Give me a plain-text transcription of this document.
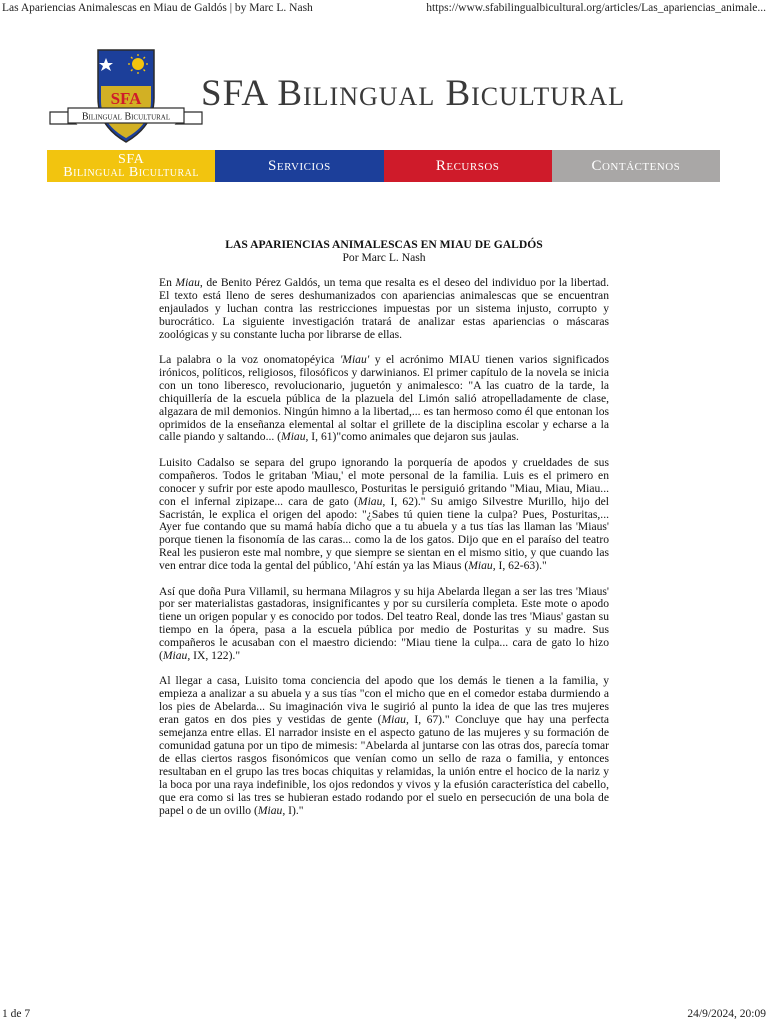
Las Apariencias Animalescas en Miau de Galdós | by Marc L. Nash	https://www.sfabilingualbicultural.org/articles/Las_apariencias_animale...
SFA
Bilingual Bicultural
SFA Bilingual Bicultural
SFA
Bilingual Bicultural	Servicios	Recursos	Contáctenos
LAS APARIENCIAS ANIMALESCAS EN MIAU DE GALDÓS
Por Marc L. Nash

En Miau, de Benito Pérez Galdós, un tema que resalta es el deseo del individuo por la libertad. El texto está lleno de seres deshumanizados con apariencias animalescas que se encuentran enjaulados y luchan contra las restricciones impuestas por un sistema injusto, corrupto y burocrático. La siguiente investigación tratará de analizar estas apariencias o máscaras zoológicas y su constante lucha por librarse de ellas.

La palabra o la voz onomatopéyica 'Miau' y el acrónimo MIAU tienen varios significados irónicos, políticos, religiosos, filosóficos y darwinianos. El primer capítulo de la novela se inicia con un tono liberesco, revolucionario, juguetón y animalesco: "A las cuatro de la tarde, la chiquillería de la escuela pública de la plazuela del Limón salió atropelladamente de clase, algazara de mil demonios. Ningún himno a la libertad,... es tan hermoso como él que entonan los oprimidos de la enseñanza elemental al soltar el grillete de la disciplina escolar y echarse a la calle piando y saltando... (Miau, I, 61)"como animales que dejaron sus jaulas.

Luisito Cadalso se separa del grupo ignorando la porquería de apodos y crueldades de sus compañeros. Todos le gritaban 'Miau,' el mote personal de la familia. Luis es el primero en conocer y sufrir por este apodo maullesco, Posturitas le persiguió gritando "Miau, Miau, Miau... con el infernal zipizape... cara de gato (Miau, I, 62)." Su amigo Silvestre Murillo, hijo del Sacristán, le explica el origen del apodo: "¿Sabes tú quien tiene la culpa? Pues, Posturitas,... Ayer fue contando que su mamá había dicho que a tu abuela y a tus tías las llaman las 'Miaus' porque tienen la fisonomía de las caras... como la de los gatos. Dijo que en el paraíso del teatro Real les pusieron este mal nombre, y que siempre se sientan en el mismo sitio, y que cuando las ven entrar dice toda la gental del público, 'Ahí están ya las Miaus (Miau, I, 62-63)."

Así que doña Pura Villamil, su hermana Milagros y su hija Abelarda llegan a ser las tres 'Miaus' por ser materialistas gastadoras, insignificantes y por su cursilería completa. Este mote o apodo tiene un origen popular y es conocido por todos. Del teatro Real, donde las tres 'Miaus' gastan su tiempo en la ópera, pasa a la escuela pública por medio de Posturitas y su madre. Sus compañeros le acusaban con el maestro diciendo: "Miau tiene la culpa... cara de gato lo hizo (Miau, IX, 122)."

Al llegar a casa, Luisito toma conciencia del apodo que los demás le tienen a la familia, y empieza a analizar a su abuela y a sus tías "con el micho que en el comedor estaba durmiendo a los pies de Abelarda... Su imaginación viva le sugirió al punto la idea de que las tres mujeres eran gatos en dos pies y vestidas de gente (Miau, I, 67)." Concluye que hay una perfecta semejanza entre ellas. El narrador insiste en el aspecto gatuno de las mujeres y su formación de comunidad gatuna por un tipo de mimesis: "Abelarda al juntarse con las otras dos, parecía tomar de ellas ciertos rasgos fisonómicos que venían como un sello de raza o familia, y entonces resultaban en el grupo las tres bocas chiquitas y relamidas, la unión entre el hocico de la nariz y la boca por una raya indefinible, los ojos redondos y vivos y la efusión característica del cabello, que era como si las tres se hubieran estado rodando por el suelo en persecución de una bola de papel o de un ovillo (Miau, I)."

1 de 7	24/9/2024, 20:09
